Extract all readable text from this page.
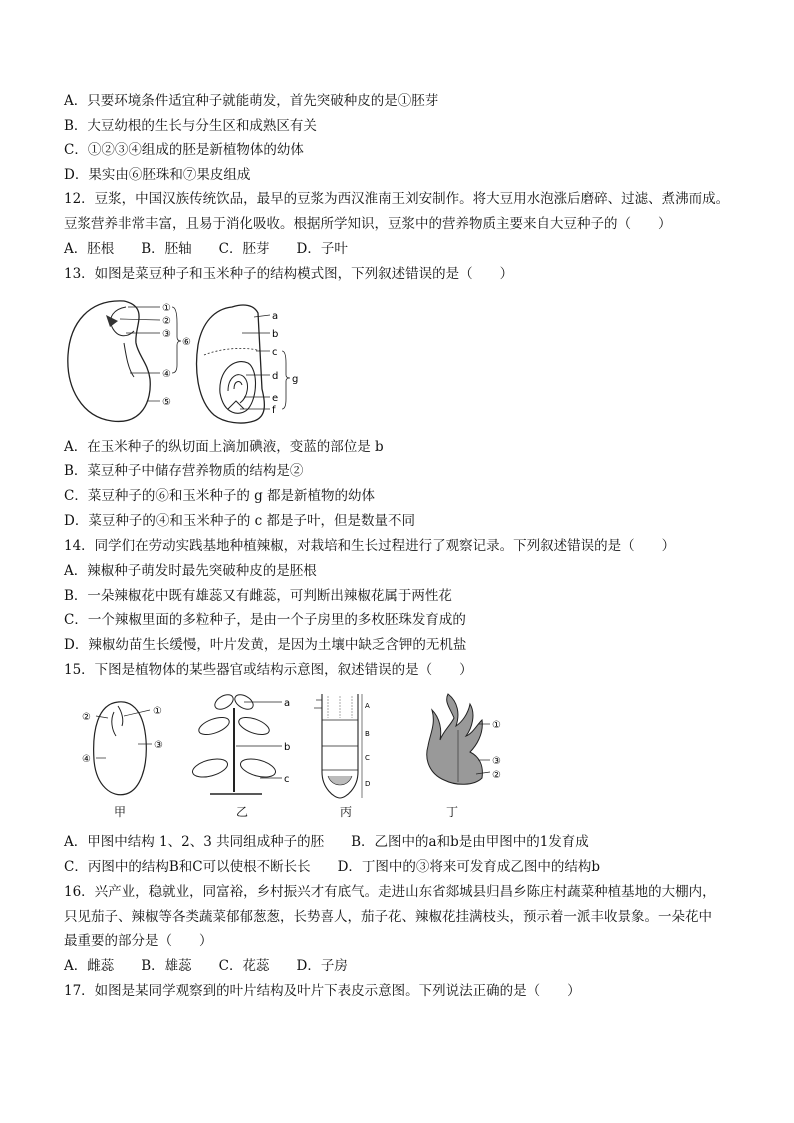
A．只要环境条件适宜种子就能萌发，首先突破种皮的是①胚芽
B．大豆幼根的生长与分生区和成熟区有关
C．①②③④组成的胚是新植物体的幼体
D．果实由⑥胚珠和⑦果皮组成
12．豆浆，中国汉族传统饮品，最早的豆浆为西汉淮南王刘安制作。将大豆用水泡涨后磨碎、过滤、煮沸而成。
豆浆营养非常丰富，且易于消化吸收。根据所学知识，豆浆中的营养物质主要来自大豆种子的（　　）
A．胚根　　B．胚轴　　C．胚芽　　D．子叶
13．如图是菜豆种子和玉米种子的结构模式图，下列叙述错误的是（　　）
①
②
③
④
⑤
⑥
a
b
c
d
e
f
g
A．在玉米种子的纵切面上滴加碘液，变蓝的部位是 b
B．菜豆种子中储存营养物质的结构是②
C．菜豆种子的⑥和玉米种子的 g 都是新植物的幼体
D．菜豆种子的④和玉米种子的 c 都是子叶，但是数量不同
14．同学们在劳动实践基地种植辣椒，对栽培和生长过程进行了观察记录。下列叙述错误的是（　　）
A．辣椒种子萌发时最先突破种皮的是胚根
B．一朵辣椒花中既有雄蕊又有雌蕊，可判断出辣椒花属于两性花
C．一个辣椒里面的多粒种子，是由一个子房里的多枚胚珠发育成的
D．辣椒幼苗生长缓慢，叶片发黄，是因为土壤中缺乏含钾的无机盐
15．下图是植物体的某些器官或结构示意图，叙述错误的是（　　）
①
②
③
④
a
b
c
A
B
C
D
①
③
②
甲	乙	丙	丁
A．甲图中结构 1、2、3 共同组成种子的胚　　B．乙图中的a和b是由甲图中的1发育成
C．丙图中的结构B和C可以使根不断长长　　D．丁图中的③将来可发育成乙图中的结构b
16．兴产业，稳就业，同富裕，乡村振兴才有底气。走进山东省郯城县归昌乡陈庄村蔬菜种植基地的大棚内，
只见茄子、辣椒等各类蔬菜郁郁葱葱，长势喜人，茄子花、辣椒花挂满枝头，预示着一派丰收景象。一朵花中
最重要的部分是（　　）
A．雌蕊　　B．雄蕊　　C．花蕊　　D．子房
17．如图是某同学观察到的叶片结构及叶片下表皮示意图。下列说法正确的是（　　）
